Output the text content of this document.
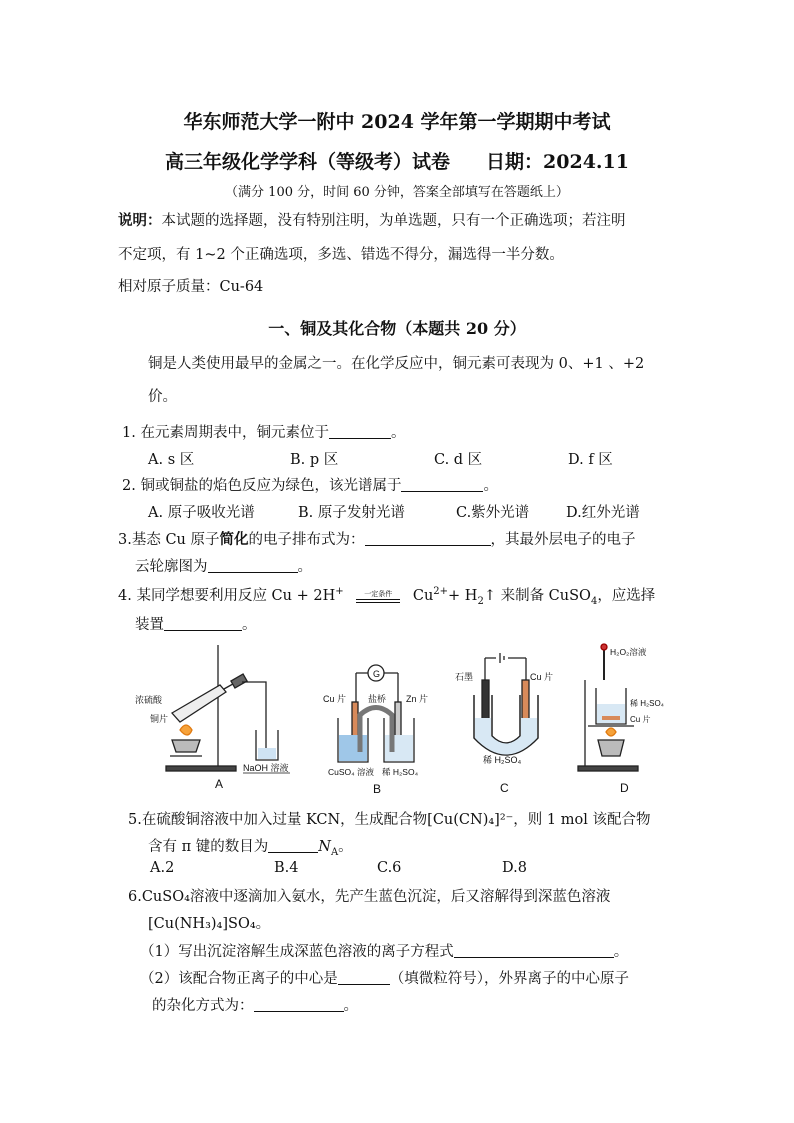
华东师范大学一附中 2024 学年第一学期期中考试
高三年级化学学科（等级考）试卷 日期：2024.11
（满分 100 分，时间 60 分钟，答案全部填写在答题纸上）
说明：本试题的选择题，没有特别注明，为单选题，只有一个正确选项；若注明
不定项，有 1~2 个正确选项，多选、错选不得分，漏选得一半分数。
相对原子质量：Cu-64
一、铜及其化合物（本题共 20 分）
铜是人类使用最早的金属之一。在化学反应中，铜元素可表现为 0、+1 、+2
价。
1. 在元素周期表中，铜元素位于	。
A. s 区	B. p 区	C. d 区	D. f 区
2. 铜或铜盐的焰色反应为绿色，该光谱属于	。
A. 原子吸收光谱	B. 原子发射光谱	C.紫外光谱	D.红外光谱
3.基态 Cu 原子简化的电子排布式为：	，其最外层电子的电子
云轮廓图为	。
4. 某同学想要利用反应 Cu + 2H+	一定条件	$Cu^{2+}+$ $H_2↑$ 来制备 CuSO$_4$，应选择
装置	。
浓硫酸
铜片
NaOH 溶液
A
G
Cu 片 盐桥 Zn 片
CuSO₄ 溶液 稀 H₂SO₄
B
石墨	Cu 片
稀 H₂SO₄
C
H₂O₂溶液
稀 H₂SO₄
Cu 片
D
5.在硫酸铜溶液中加入过量 KCN，生成配合物[Cu(CN)₄]²⁻，则 1 mol 该配合物
含有 π 键的数目为	$N_A$。
A.2	B.4	C.6	D.8
6.CuSO₄溶液中逐滴加入氨水，先产生蓝色沉淀，后又溶解得到深蓝色溶液
[Cu(NH₃)₄]SO₄。
（1）写出沉淀溶解生成深蓝色溶液的离子方程式	。
（2）该配合物正离子的中心是	（填微粒符号），外界离子的中心原子
的杂化方式为：	。
